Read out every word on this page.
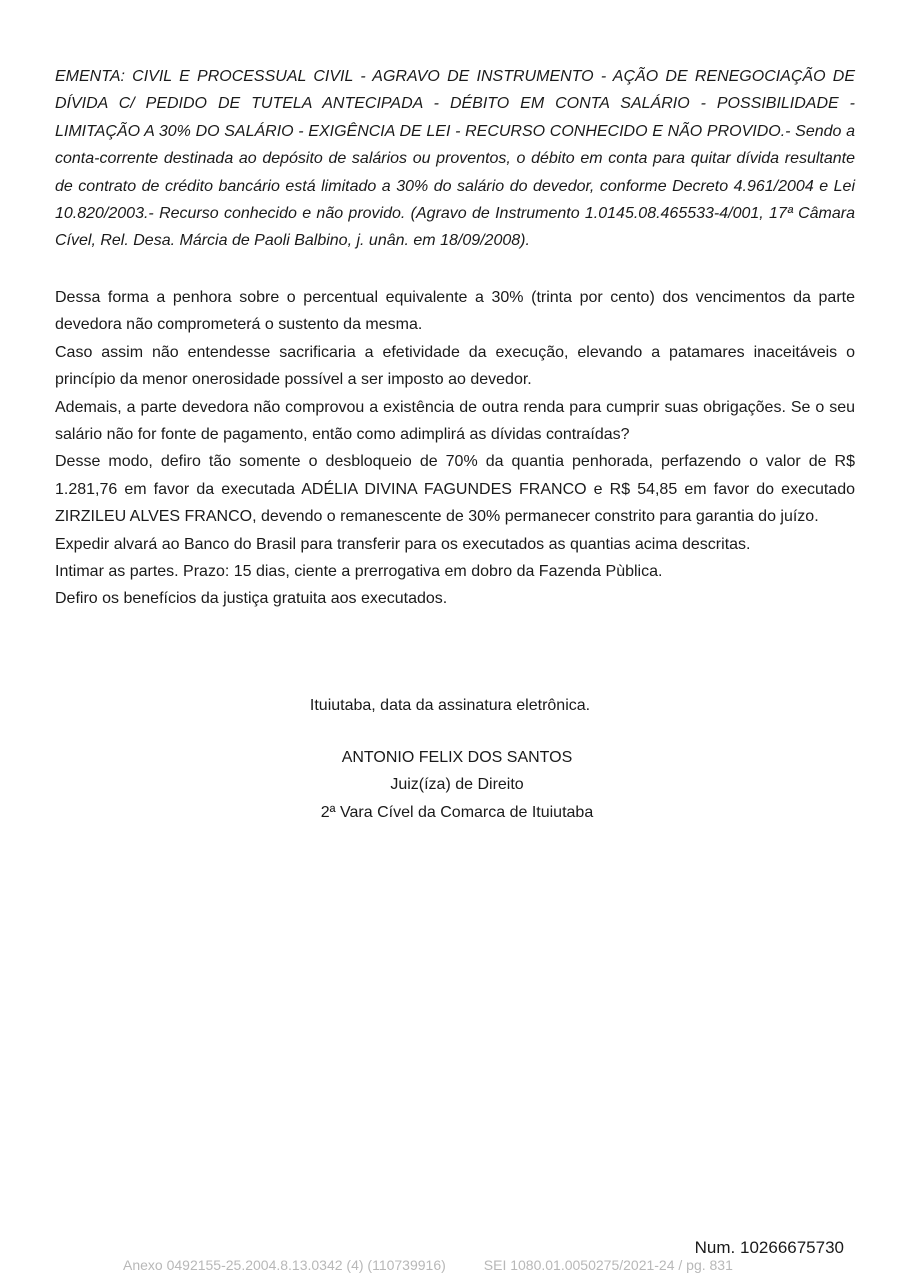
EMENTA: CIVIL E PROCESSUAL CIVIL - AGRAVO DE INSTRUMENTO - AÇÃO DE RENEGOCIAÇÃO DE DÍVIDA C/ PEDIDO DE TUTELA ANTECIPADA - DÉBITO EM CONTA SALÁRIO - POSSIBILIDADE - LIMITAÇÃO A 30% DO SALÁRIO - EXIGÊNCIA DE LEI - RECURSO CONHECIDO E NÃO PROVIDO.- Sendo a conta-corrente destinada ao depósito de salários ou proventos, o débito em conta para quitar dívida resultante de contrato de crédito bancário está limitado a 30% do salário do devedor, conforme Decreto 4.961/2004 e Lei 10.820/2003.- Recurso conhecido e não provido. (Agravo de Instrumento 1.0145.08.465533-4/001, 17ª Câmara Cível, Rel. Desa. Márcia de Paoli Balbino, j. unân. em 18/09/2008).

Dessa forma a penhora sobre o percentual equivalente a 30% (trinta por cento) dos vencimentos da parte devedora não comprometerá o sustento da mesma.

Caso assim não entendesse sacrificaria a efetividade da execução, elevando a patamares inaceitáveis o princípio da menor onerosidade possível a ser imposto ao devedor.

Ademais, a parte devedora não comprovou a existência de outra renda para cumprir suas obrigações. Se o seu salário não for fonte de pagamento, então como adimplirá as dívidas contraídas?

Desse modo, defiro tão somente o desbloqueio de 70% da quantia penhorada, perfazendo o valor de R$ 1.281,76 em favor da executada ADÉLIA DIVINA FAGUNDES FRANCO e R$ 54,85 em favor do executado ZIRZILEU ALVES FRANCO, devendo o remanescente de 30% permanecer constrito para garantia do juízo.

Expedir alvará ao Banco do Brasil para transferir para os executados as quantias acima descritas.

Intimar as partes. Prazo: 15 dias, ciente a prerrogativa em dobro da Fazenda Pùblica.

Defiro os benefícios da justiça gratuita aos executados.

Ituiutaba, data da assinatura eletrônica.
ANTONIO FELIX DOS SANTOS
Juiz(íza) de Direito
2ª Vara Cível da Comarca de Ituiutaba
Num. 10266675730
Anexo 0492155-25.2004.8.13.0342 (4) (110739916)	SEI 1080.01.0050275/2021-24 / pg. 831
